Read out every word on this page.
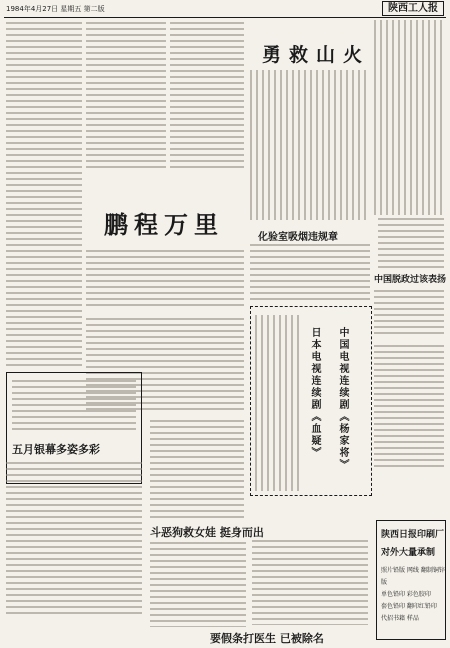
1984年4月27日 星期五 第二版	陕西工人报
鹏程万里
勇救山火
化验室吸烟违规章
中国脱政过该表扬
中国电视连续剧《杨家将》
日本电视连续剧《血疑》
五月银幕多姿多彩
斗恶狗救女娃 挺身而出
要假条打医生 已被除名
陕西日报印刷厂
对外大量承制
照片铅版 网线 翻制铜锌版
单色铅印 彩色胶印
套色铅印 翻印红铅印
代招书籍 样品
